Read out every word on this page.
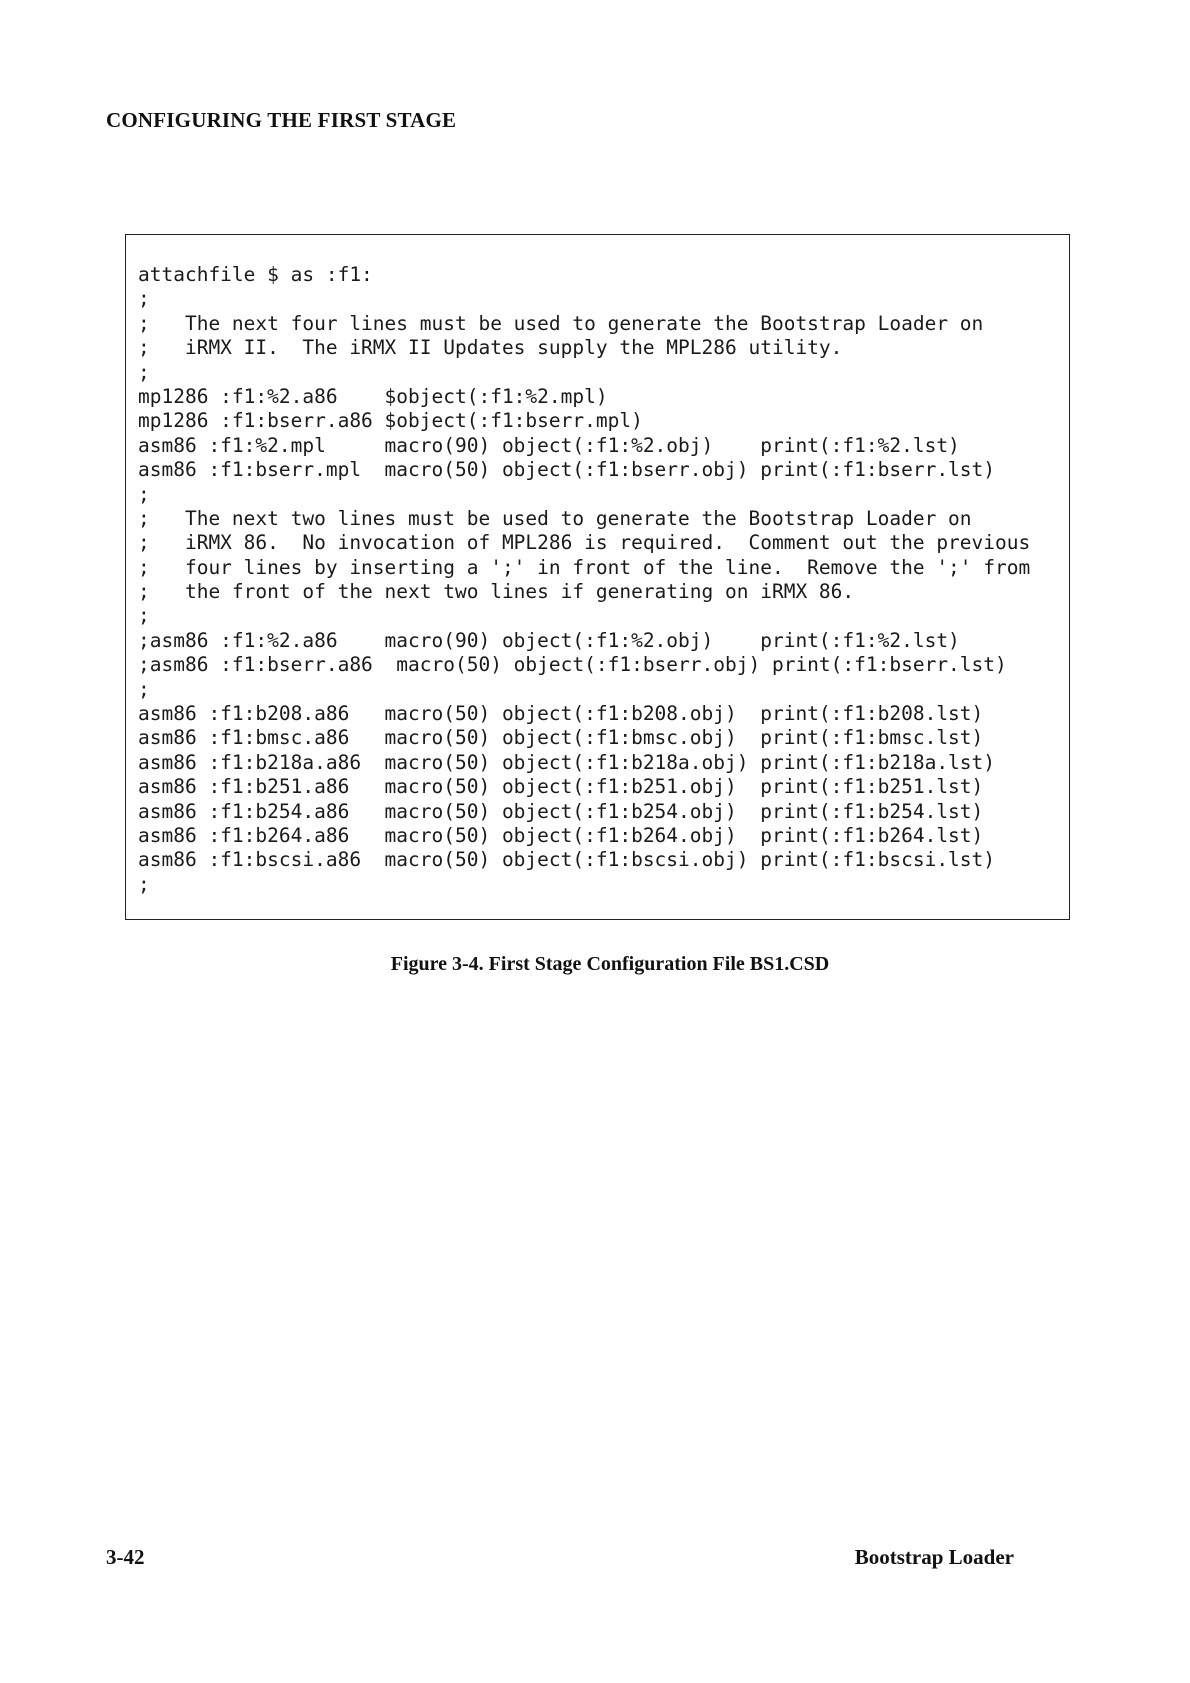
CONFIGURING THE FIRST STAGE
attachfile $ as :f1:
;
;   The next four lines must be used to generate the Bootstrap Loader on
;   iRMX II.  The iRMX II Updates supply the MPL286 utility.
;
mp1286 :f1:%2.a86    $object(:f1:%2.mpl)
mp1286 :f1:bserr.a86 $object(:f1:bserr.mpl)
asm86 :f1:%2.mpl     macro(90) object(:f1:%2.obj)    print(:f1:%2.lst)
asm86 :f1:bserr.mpl  macro(50) object(:f1:bserr.obj) print(:f1:bserr.lst)
;
;   The next two lines must be used to generate the Bootstrap Loader on
;   iRMX 86.  No invocation of MPL286 is required.  Comment out the previous
;   four lines by inserting a ';' in front of the line.  Remove the ';' from
;   the front of the next two lines if generating on iRMX 86.
;
;asm86 :f1:%2.a86    macro(90) object(:f1:%2.obj)    print(:f1:%2.lst)
;asm86 :f1:bserr.a86  macro(50) object(:f1:bserr.obj) print(:f1:bserr.lst)
;
asm86 :f1:b208.a86   macro(50) object(:f1:b208.obj)  print(:f1:b208.lst)
asm86 :f1:bmsc.a86   macro(50) object(:f1:bmsc.obj)  print(:f1:bmsc.lst)
asm86 :f1:b218a.a86  macro(50) object(:f1:b218a.obj) print(:f1:b218a.lst)
asm86 :f1:b251.a86   macro(50) object(:f1:b251.obj)  print(:f1:b251.lst)
asm86 :f1:b254.a86   macro(50) object(:f1:b254.obj)  print(:f1:b254.lst)
asm86 :f1:b264.a86   macro(50) object(:f1:b264.obj)  print(:f1:b264.lst)
asm86 :f1:bscsi.a86  macro(50) object(:f1:bscsi.obj) print(:f1:bscsi.lst)
;

Figure 3-4. First Stage Configuration File BS1.CSD

3-42	Bootstrap Loader
